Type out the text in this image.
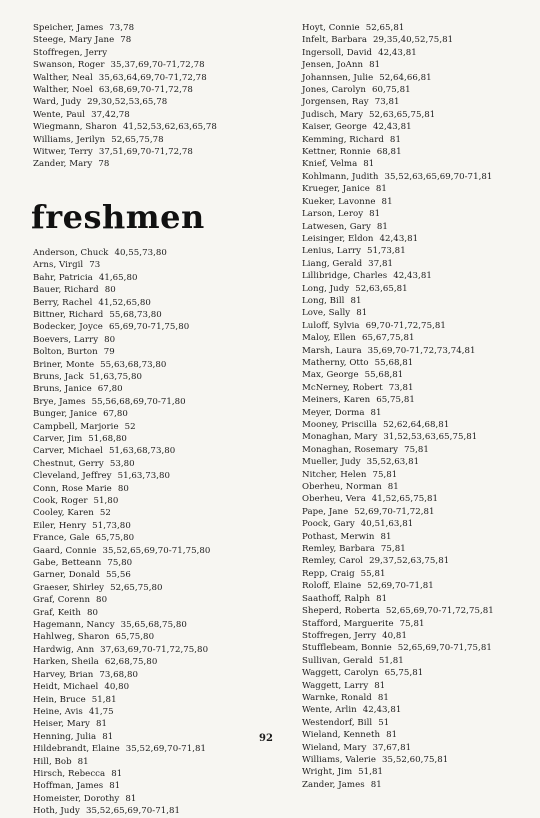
Speicher, James 73,78
Steege, Mary Jane 78
Stoffregen, Jerry
Swanson, Roger 35,37,69,70-71,72,78
Walther, Neal 35,63,64,69,70-71,72,78
Walther, Noel 63,68,69,70-71,72,78
Ward, Judy 29,30,52,53,65,78
Wente, Paul 37,42,78
Wiegmann, Sharon 41,52,53,62,63,65,78
Williams, Jerilyn 52,65,75,78
Witwer, Terry 37,51,69,70-71,72,78
Zander, Mary 78
freshmen
Anderson, Chuck 40,55,73,80
Arns, Virgil 73
Bahr, Patricia 41,65,80
Bauer, Richard 80
Berry, Rachel 41,52,65,80
Bittner, Richard 55,68,73,80
Bodecker, Joyce 65,69,70-71,75,80
Boevers, Larry 80
Bolton, Burton 79
Briner, Monte 55,63,68,73,80
Bruns, Jack 51,63,75,80
Bruns, Janice 67,80
Brye, James 55,56,68,69,70-71,80
Bunger, Janice 67,80
Campbell, Marjorie 52
Carver, Jim 51,68,80
Carver, Michael 51,63,68,73,80
Chestnut, Gerry 53,80
Cleveland, Jeffrey 51,63,73,80
Conn, Rose Marie 80
Cook, Roger 51,80
Cooley, Karen 52
Eiler, Henry 51,73,80
France, Gale 65,75,80
Gaard, Connie 35,52,65,69,70-71,75,80
Gabe, Betteann 75,80
Garner, Donald 55,56
Graeser, Shirley 52,65,75,80
Graf, Corenn 80
Graf, Keith 80
Hagemann, Nancy 35,65,68,75,80
Hahlweg, Sharon 65,75,80
Hardwig, Ann 37,63,69,70-71,72,75,80
Harken, Sheila 62,68,75,80
Harvey, Brian 73,68,80
Heidt, Michael 40,80
Hein, Bruce 51,81
Heine, Avis 41,75
Heiser, Mary 81
Henning, Julia 81
Hildebrandt, Elaine 35,52,69,70-71,81
Hill, Bob 81
Hirsch, Rebecca 81
Hoffman, James 81
Homeister, Dorothy 81
Hoth, Judy 35,52,65,69,70-71,81
Hoyt, Connie 52,65,81
Infelt, Barbara 29,35,40,52,75,81
Ingersoll, David 42,43,81
Jensen, JoAnn 81
Johannsen, Julie 52,64,66,81
Jones, Carolyn 60,75,81
Jorgensen, Ray 73,81
Judisch, Mary 52,63,65,75,81
Kaiser, George 42,43,81
Kemming, Richard 81
Kettner, Ronnie 68,81
Knief, Velma 81
Kohlmann, Judith 35,52,63,65,69,70-71,81
Krueger, Janice 81
Kueker, Lavonne 81
Larson, Leroy 81
Latwesen, Gary 81
Leisinger, Eldon 42,43,81
Lenius, Larry 51,73,81
Liang, Gerald 37,81
Lillibridge, Charles 42,43,81
Long, Judy 52,63,65,81
Long, Bill 81
Love, Sally 81
Luloff, Sylvia 69,70-71,72,75,81
Maloy, Ellen 65,67,75,81
Marsh, Laura 35,69,70-71,72,73,74,81
Matherny, Otto 55,68,81
Max, George 55,68,81
McNerney, Robert 73,81
Meiners, Karen 65,75,81
Meyer, Dorma 81
Mooney, Priscilla 52,62,64,68,81
Monaghan, Mary 31,52,53,63,65,75,81
Monaghan, Rosemary 75,81
Mueller, Judy 35,52,63,81
Nitcher, Helen 75,81
Oberheu, Norman 81
Oberheu, Vera 41,52,65,75,81
Pape, Jane 52,69,70-71,72,81
Poock, Gary 40,51,63,81
Pothast, Merwin 81
Remley, Barbara 75,81
Remley, Carol 29,37,52,63,75,81
Repp, Craig 55,81
Roloff, Elaine 52,69,70-71,81
Saathoff, Ralph 81
Sheperd, Roberta 52,65,69,70-71,72,75,81
Stafford, Marguerite 75,81
Stoffregen, Jerry 40,81
Stufflebeam, Bonnie 52,65,69,70-71,75,81
Sullivan, Gerald 51,81
Waggett, Carolyn 65,75,81
Waggett, Larry 81
Warnke, Ronald 81
Wente, Arlin 42,43,81
Westendorf, Bill 51
Wieland, Kenneth 81
Wieland, Mary 37,67,81
Williams, Valerie 35,52,60,75,81
Wright, Jim 51,81
Zander, James 81
92
